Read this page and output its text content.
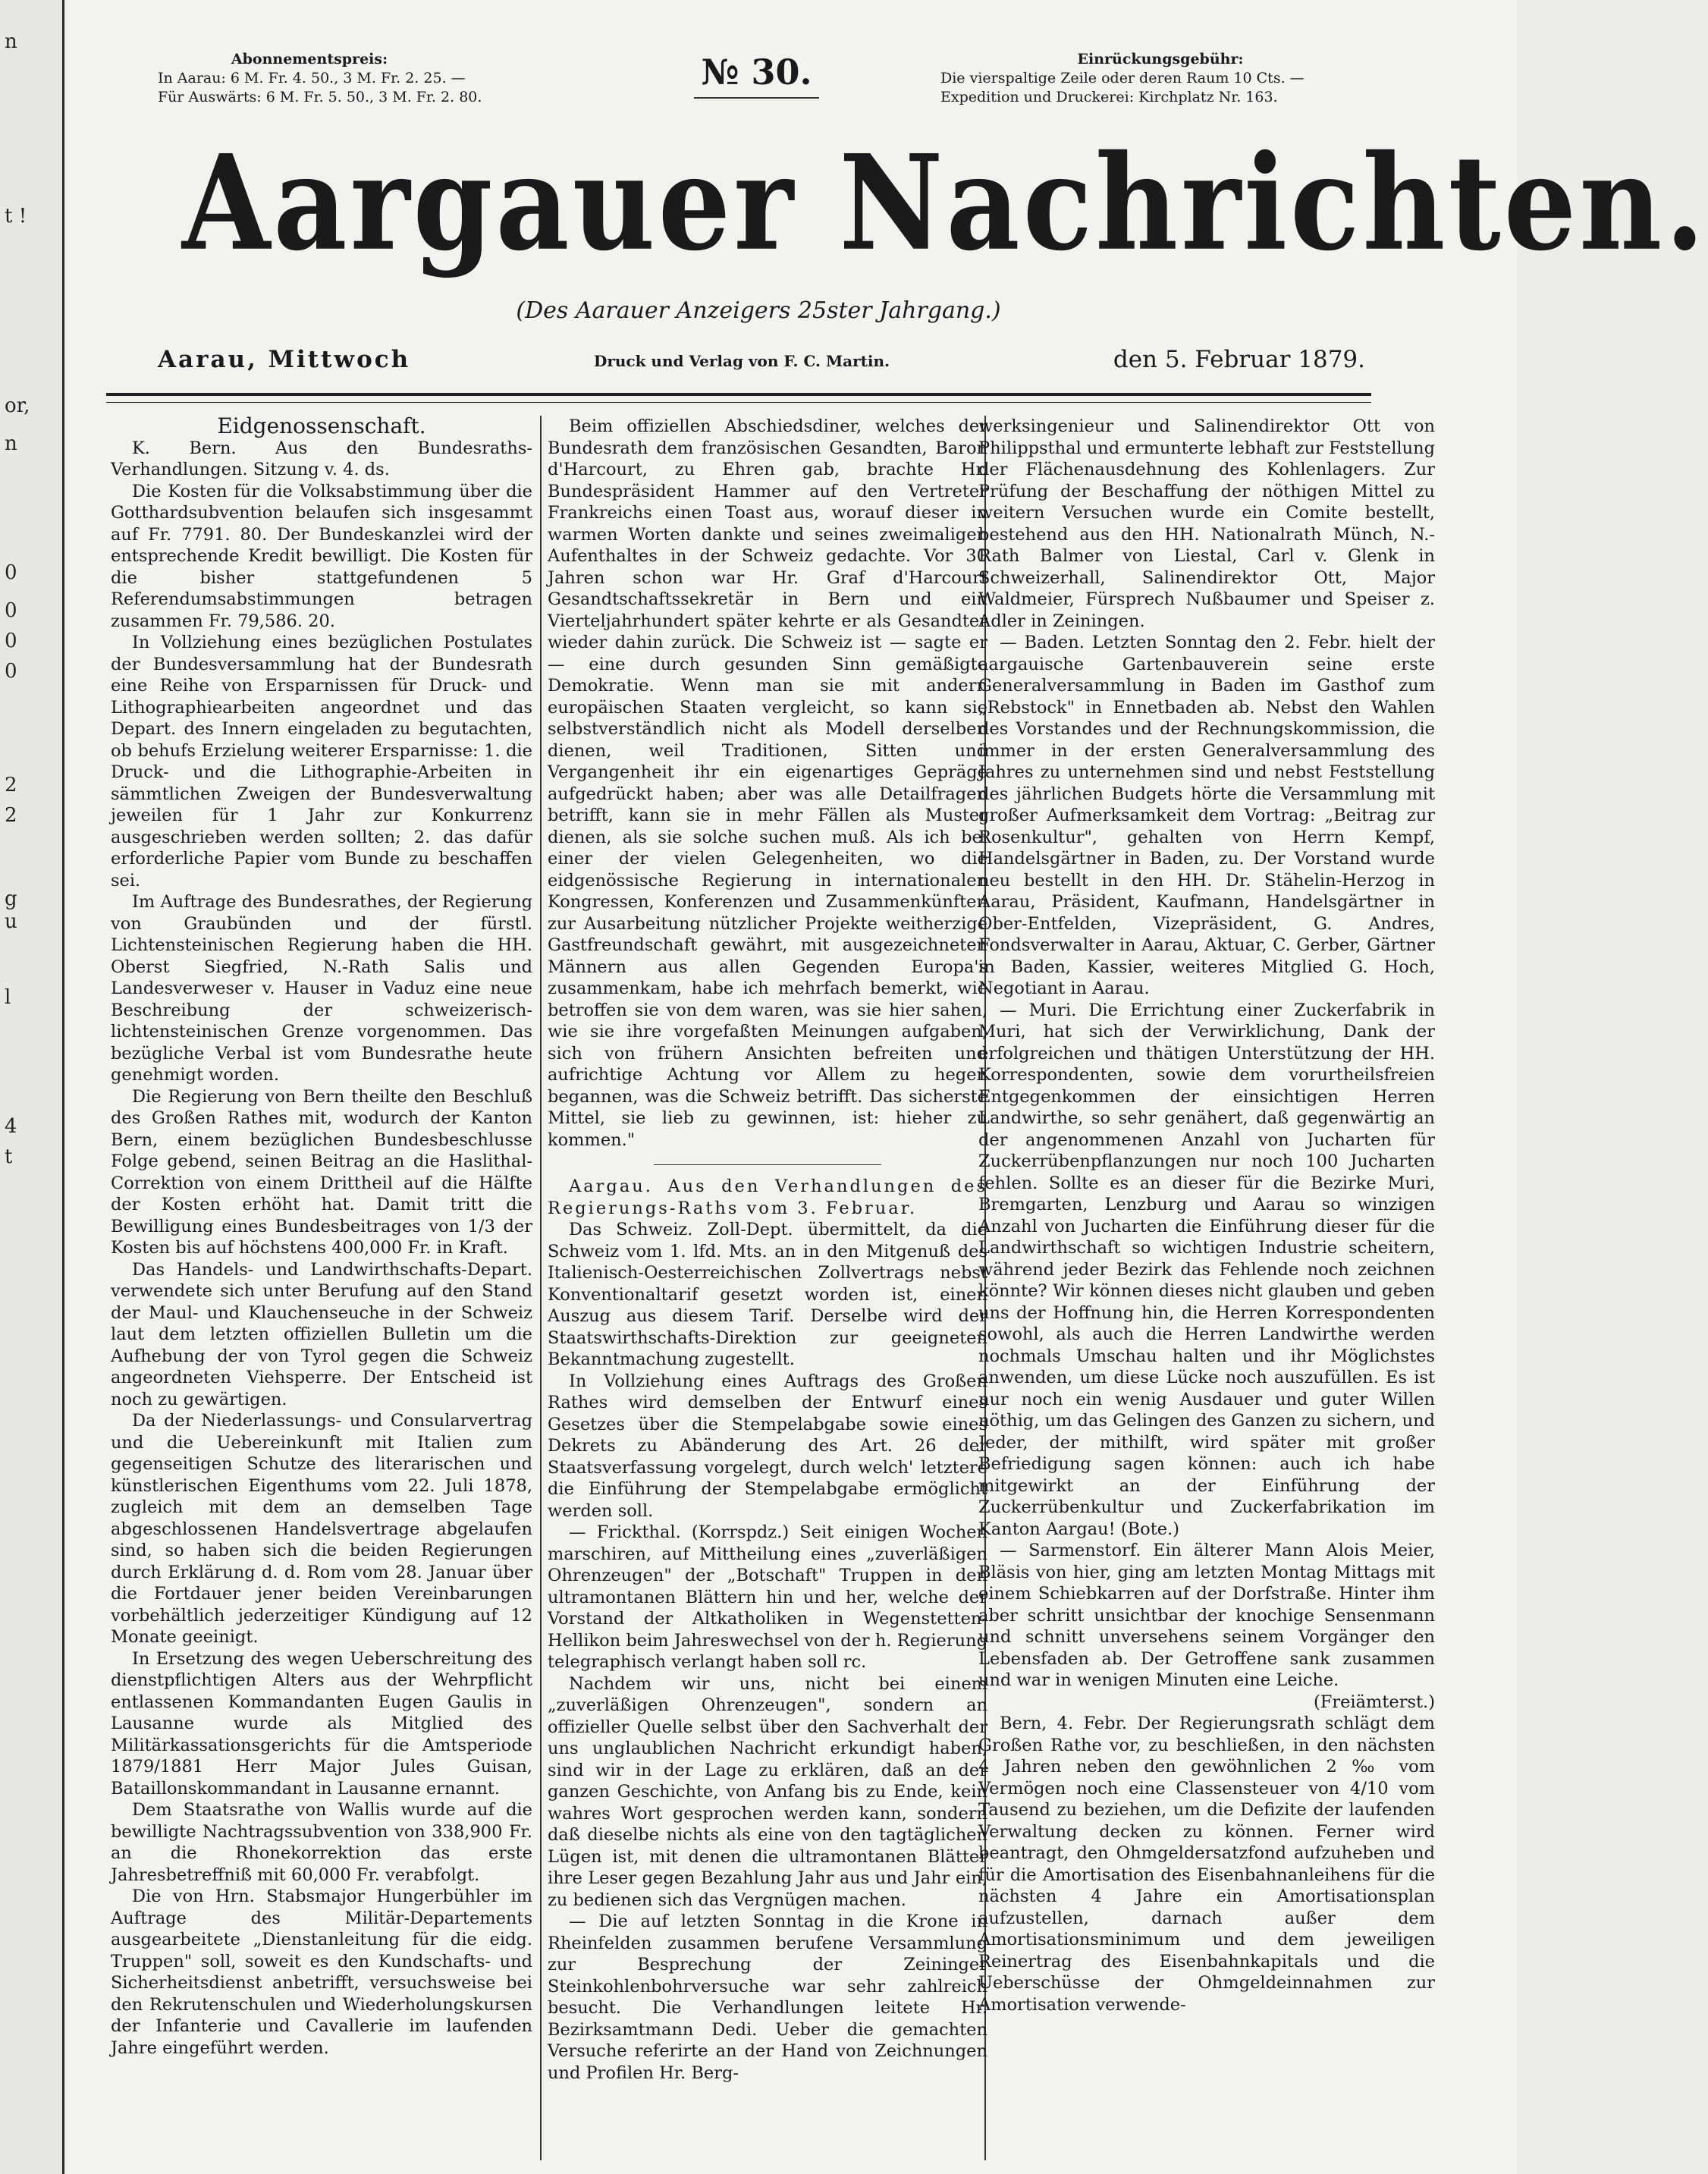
n
t !
or,
n
0
0
0
0
2
2
g
u
l
4
t
Abonnementspreis:
In Aarau: 6 M. Fr. 4. 50., 3 M. Fr. 2. 25. —
Für Auswärts: 6 M. Fr. 5. 50., 3 M. Fr. 2. 80.
№ 30.	Einrückungsgebühr:
Die vierspaltige Zeile oder deren Raum 10 Cts. —
Expedition und Druckerei: Kirchplatz Nr. 163.
Aargauer Nachrichten.
(Des Aarauer Anzeigers 25ster Jahrgang.)
Aarau, Mittwoch	Druck und Verlag von F. C. Martin.	den 5. Februar 1879.

Eidgenossenschaft.

K. Bern. Aus den Bundesraths-Verhandlungen. Sitzung v. 4. ds.

Die Kosten für die Volksabstimmung über die Gotthardsubvention belaufen sich insgesammt auf Fr. 7791. 80. Der Bundeskanzlei wird der entsprechende Kredit bewilligt. Die Kosten für die bisher stattgefundenen 5 Referendumsabstimmungen betragen zusammen Fr. 79,586. 20.

In Vollziehung eines bezüglichen Postulates der Bundesversammlung hat der Bundesrath eine Reihe von Ersparnissen für Druck- und Lithographiearbeiten angeordnet und das Depart. des Innern eingeladen zu begutachten, ob behufs Erzielung weiterer Ersparnisse: 1. die Druck- und die Lithographie-Arbeiten in sämmtlichen Zweigen der Bundesverwaltung jeweilen für 1 Jahr zur Konkurrenz ausgeschrieben werden sollten; 2. das dafür erforderliche Papier vom Bunde zu beschaffen sei.

Im Auftrage des Bundesrathes, der Regierung von Graubünden und der fürstl. Lichtensteinischen Regierung haben die HH. Oberst Siegfried, N.-Rath Salis und Landesverweser v. Hauser in Vaduz eine neue Beschreibung der schweizerisch-lichtensteinischen Grenze vorgenommen. Das bezügliche Verbal ist vom Bundesrathe heute genehmigt worden.

Die Regierung von Bern theilte den Beschluß des Großen Rathes mit, wodurch der Kanton Bern, einem bezüglichen Bundesbeschlusse Folge gebend, seinen Beitrag an die Haslithal-Correktion von einem Drittheil auf die Hälfte der Kosten erhöht hat. Damit tritt die Bewilligung eines Bundesbeitrages von 1/3 der Kosten bis auf höchstens 400,000 Fr. in Kraft.

Das Handels- und Landwirthschafts-Depart. verwendete sich unter Berufung auf den Stand der Maul- und Klauchenseuche in der Schweiz laut dem letzten offiziellen Bulletin um die Aufhebung der von Tyrol gegen die Schweiz angeordneten Viehsperre. Der Entscheid ist noch zu gewärtigen.

Da der Niederlassungs- und Consularvertrag und die Uebereinkunft mit Italien zum gegenseitigen Schutze des literarischen und künstlerischen Eigenthums vom 22. Juli 1878, zugleich mit dem an demselben Tage abgeschlossenen Handelsvertrage abgelaufen sind, so haben sich die beiden Regierungen durch Erklärung d. d. Rom vom 28. Januar über die Fortdauer jener beiden Vereinbarungen vorbehältlich jederzeitiger Kündigung auf 12 Monate geeinigt.

In Ersetzung des wegen Ueberschreitung des dienstpflichtigen Alters aus der Wehrpflicht entlassenen Kommandanten Eugen Gaulis in Lausanne wurde als Mitglied des Militärkassationsgerichts für die Amtsperiode 1879/1881 Herr Major Jules Guisan, Bataillonskommandant in Lausanne ernannt.

Dem Staatsrathe von Wallis wurde auf die bewilligte Nachtragssubvention von 338,900 Fr. an die Rhonekorrektion das erste Jahresbetreffniß mit 60,000 Fr. verabfolgt.

Die von Hrn. Stabsmajor Hungerbühler im Auftrage des Militär-Departements ausgearbeitete „Dienstanleitung für die eidg. Truppen" soll, soweit es den Kundschafts- und Sicherheitsdienst anbetrifft, versuchsweise bei den Rekrutenschulen und Wiederholungskursen der Infanterie und Cavallerie im laufenden Jahre eingeführt werden.

Beim offiziellen Abschiedsdiner, welches der Bundesrath dem französischen Gesandten, Baron d'Harcourt, zu Ehren gab, brachte Hr. Bundespräsident Hammer auf den Vertreter Frankreichs einen Toast aus, worauf dieser in warmen Worten dankte und seines zweimaligen Aufenthaltes in der Schweiz gedachte. Vor 30 Jahren schon war Hr. Graf d'Harcourt Gesandtschaftssekretär in Bern und ein Vierteljahrhundert später kehrte er als Gesandter wieder dahin zurück. Die Schweiz ist — sagte er — eine durch gesunden Sinn gemäßigte Demokratie. Wenn man sie mit andern europäischen Staaten vergleicht, so kann sie selbstverständlich nicht als Modell derselben dienen, weil Traditionen, Sitten und Vergangenheit ihr ein eigenartiges Gepräge aufgedrückt haben; aber was alle Detailfragen betrifft, kann sie in mehr Fällen als Muster dienen, als sie solche suchen muß. Als ich bei einer der vielen Gelegenheiten, wo die eidgenössische Regierung in internationalen Kongressen, Konferenzen und Zusammenkünften zur Ausarbeitung nützlicher Projekte weitherzige Gastfreundschaft gewährt, mit ausgezeichneten Männern aus allen Gegenden Europa's zusammenkam, habe ich mehrfach bemerkt, wie betroffen sie von dem waren, was sie hier sahen, wie sie ihre vorgefaßten Meinungen aufgaben, sich von frühern Ansichten befreiten und aufrichtige Achtung vor Allem zu hegen begannen, was die Schweiz betrifft. Das sicherste Mittel, sie lieb zu gewinnen, ist: hieher zu kommen."

Aargau. Aus den Verhandlungen des Regierungs-Raths vom 3. Februar.

Das Schweiz. Zoll-Dept. übermittelt, da die Schweiz vom 1. lfd. Mts. an in den Mitgenuß des Italienisch-Oesterreichischen Zollvertrags nebst Konventionaltarif gesetzt worden ist, einen Auszug aus diesem Tarif. Derselbe wird der Staatswirthschafts-Direktion zur geeigneten Bekanntmachung zugestellt.

In Vollziehung eines Auftrags des Großen Rathes wird demselben der Entwurf eines Gesetzes über die Stempelabgabe sowie eines Dekrets zu Abänderung des Art. 26 der Staatsverfassung vorgelegt, durch welch' letztere die Einführung der Stempelabgabe ermöglicht werden soll.

— Frickthal. (Korrspdz.) Seit einigen Wochen marschiren, auf Mittheilung eines „zuverläßigen Ohrenzeugen" der „Botschaft" Truppen in den ultramontanen Blättern hin und her, welche der Vorstand der Altkatholiken in Wegenstetten-Hellikon beim Jahreswechsel von der h. Regierung telegraphisch verlangt haben soll rc.

Nachdem wir uns, nicht bei einem „zuverläßigen Ohrenzeugen", sondern an offizieller Quelle selbst über den Sachverhalt der uns unglaublichen Nachricht erkundigt haben, sind wir in der Lage zu erklären, daß an der ganzen Geschichte, von Anfang bis zu Ende, kein wahres Wort gesprochen werden kann, sondern daß dieselbe nichts als eine von den tagtäglichen Lügen ist, mit denen die ultramontanen Blätter ihre Leser gegen Bezahlung Jahr aus und Jahr ein, zu bedienen sich das Vergnügen machen.

— Die auf letzten Sonntag in die Krone in Rheinfelden zusammen berufene Versammlung zur Besprechung der Zeininger Steinkohlenbohrversuche war sehr zahlreich besucht. Die Verhandlungen leitete Hr. Bezirksamtmann Dedi. Ueber die gemachten Versuche referirte an der Hand von Zeichnungen und Profilen Hr. Berg-

werksingenieur und Salinendirektor Ott von Philippsthal und ermunterte lebhaft zur Feststellung der Flächenausdehnung des Kohlenlagers. Zur Prüfung der Beschaffung der nöthigen Mittel zu weitern Versuchen wurde ein Comite bestellt, bestehend aus den HH. Nationalrath Münch, N.-Rath Balmer von Liestal, Carl v. Glenk in Schweizerhall, Salinendirektor Ott, Major Waldmeier, Fürsprech Nußbaumer und Speiser z. Adler in Zeiningen.

— Baden. Letzten Sonntag den 2. Febr. hielt der aargauische Gartenbauverein seine erste Generalversammlung in Baden im Gasthof zum „Rebstock" in Ennetbaden ab. Nebst den Wahlen des Vorstandes und der Rechnungskommission, die immer in der ersten Generalversammlung des Jahres zu unternehmen sind und nebst Feststellung des jährlichen Budgets hörte die Versammlung mit großer Aufmerksamkeit dem Vortrag: „Beitrag zur Rosenkultur", gehalten von Herrn Kempf, Handelsgärtner in Baden, zu. Der Vorstand wurde neu bestellt in den HH. Dr. Stähelin-Herzog in Aarau, Präsident, Kaufmann, Handelsgärtner in Ober-Entfelden, Vizepräsident, G. Andres, Fondsverwalter in Aarau, Aktuar, C. Gerber, Gärtner in Baden, Kassier, weiteres Mitglied G. Hoch, Negotiant in Aarau.

— Muri. Die Errichtung einer Zuckerfabrik in Muri, hat sich der Verwirklichung, Dank der erfolgreichen und thätigen Unterstützung der HH. Korrespondenten, sowie dem vorurtheilsfreien Entgegenkommen der einsichtigen Herren Landwirthe, so sehr genähert, daß gegenwärtig an der angenommenen Anzahl von Jucharten für Zuckerrübenpflanzungen nur noch 100 Jucharten fehlen. Sollte es an dieser für die Bezirke Muri, Bremgarten, Lenzburg und Aarau so winzigen Anzahl von Jucharten die Einführung dieser für die Landwirthschaft so wichtigen Industrie scheitern, während jeder Bezirk das Fehlende noch zeichnen könnte? Wir können dieses nicht glauben und geben uns der Hoffnung hin, die Herren Korrespondenten sowohl, als auch die Herren Landwirthe werden nochmals Umschau halten und ihr Möglichstes anwenden, um diese Lücke noch auszufüllen. Es ist nur noch ein wenig Ausdauer und guter Willen nöthig, um das Gelingen des Ganzen zu sichern, und Jeder, der mithilft, wird später mit großer Befriedigung sagen können: auch ich habe mitgewirkt an der Einführung der Zuckerrübenkultur und Zuckerfabrikation im Kanton Aargau! (Bote.)

— Sarmenstorf. Ein älterer Mann Alois Meier, Bläsis von hier, ging am letzten Montag Mittags mit einem Schiebkarren auf der Dorfstraße. Hinter ihm aber schritt unsichtbar der knochige Sensenmann und schnitt unversehens seinem Vorgänger den Lebensfaden ab. Der Getroffene sank zusammen und war in wenigen Minuten eine Leiche.

(Freiämterst.)

Bern, 4. Febr. Der Regierungsrath schlägt dem Großen Rathe vor, zu beschließen, in den nächsten 4 Jahren neben den gewöhnlichen 2 ‰ vom Vermögen noch eine Classensteuer von 4/10 vom Tausend zu beziehen, um die Defizite der laufenden Verwaltung decken zu können. Ferner wird beantragt, den Ohmgeldersatzfond aufzuheben und für die Amortisation des Eisenbahnanleihens für die nächsten 4 Jahre ein Amortisationsplan aufzustellen, darnach außer dem Amortisationsminimum und dem jeweiligen Reinertrag des Eisenbahnkapitals und die Ueberschüsse der Ohmgeldeinnahmen zur Amortisation verwende-
